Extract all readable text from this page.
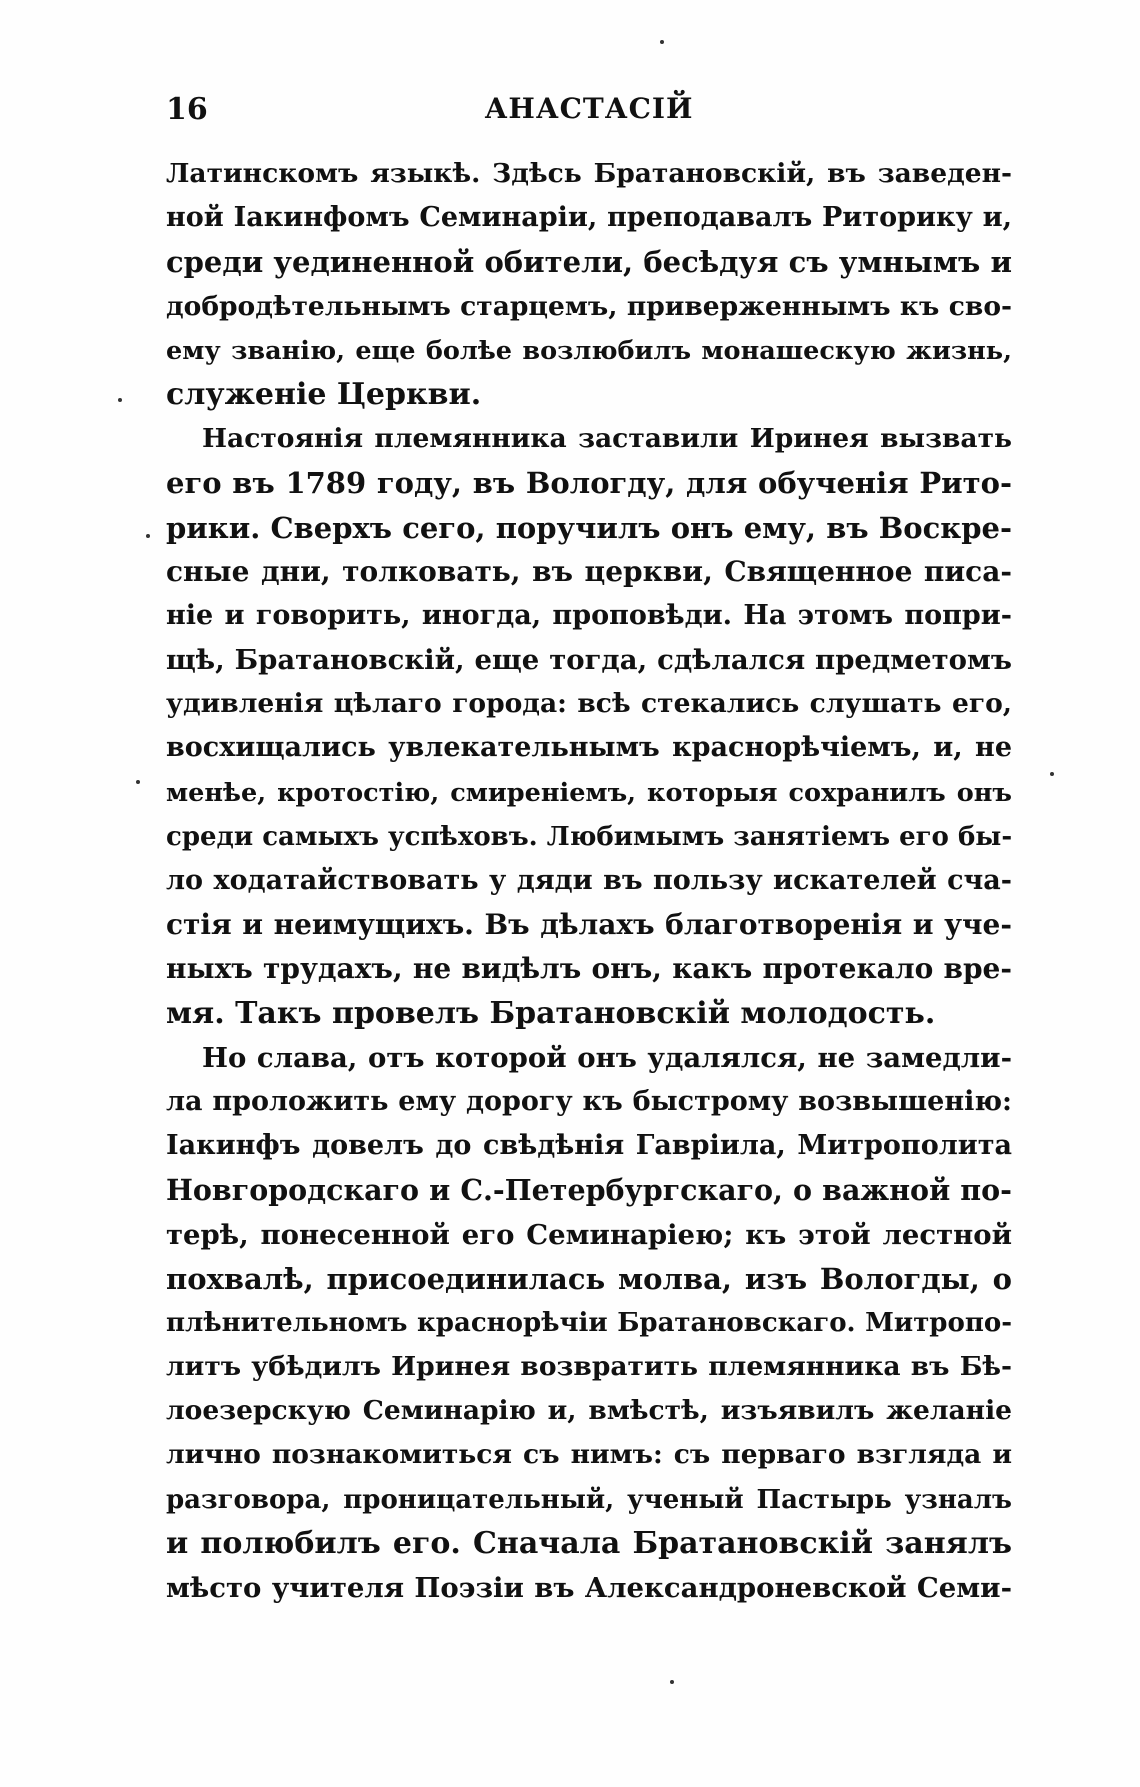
16	АНАСТАСІЙ
Латинскомъ языкѣ. Здѣсь Братановскій, въ заведен-
ной Іакинфомъ Семинаріи, преподавалъ Риторику и,
среди уединенной обители, бесѣдуя съ умнымъ и
добродѣтельнымъ старцемъ, приверженнымъ къ сво-
ему званію, еще болѣе возлюбилъ монашескую жизнь,
служеніе Церкви.
Настоянія племянника заставили Иринея вызвать
его въ 1789 году, въ Вологду, для обученія Рито-
рики. Сверхъ сего, поручилъ онъ ему, въ Воскре-
сные дни, толковать, въ церкви, Священное писа-
ніе и говорить, иногда, проповѣди. На этомъ попри-
щѣ, Братановскій, еще тогда, сдѣлался предметомъ
удивленія цѣлаго города: всѣ стекались слушать его,
восхищались увлекательнымъ краснорѣчіемъ, и, не
менѣе, кротостію, смиреніемъ, которыя сохранилъ онъ
среди самыхъ успѣховъ. Любимымъ занятіемъ его бы-
ло ходатайствовать у дяди въ пользу искателей сча-
стія и неимущихъ. Въ дѣлахъ благотворенія и уче-
ныхъ трудахъ, не видѣлъ онъ, какъ протекало вре-
мя. Такъ провелъ Братановскій молодость.
Но слава, отъ которой онъ удалялся, не замедли-
ла проложить ему дорогу къ быстрому возвышенію:
Іакинфъ довелъ до свѣдѣнія Гавріила, Митрополита
Новгородскаго и С.-Петербургскаго, о важной по-
терѣ, понесенной его Семинаріею; къ этой лестной
похвалѣ, присоединилась молва, изъ Вологды, о
плѣнительномъ краснорѣчіи Братановскаго. Митропо-
литъ убѣдилъ Иринея возвратить племянника въ Бѣ-
лоезерскую Семинарію и, вмѣстѣ, изъявилъ желаніе
лично познакомиться съ нимъ: съ перваго взгляда и
разговора, проницательный, ученый Пастырь узналъ
и полюбилъ его. Сначала Братановскій занялъ
мѣсто учителя Поэзіи въ Александроневской Семи-
